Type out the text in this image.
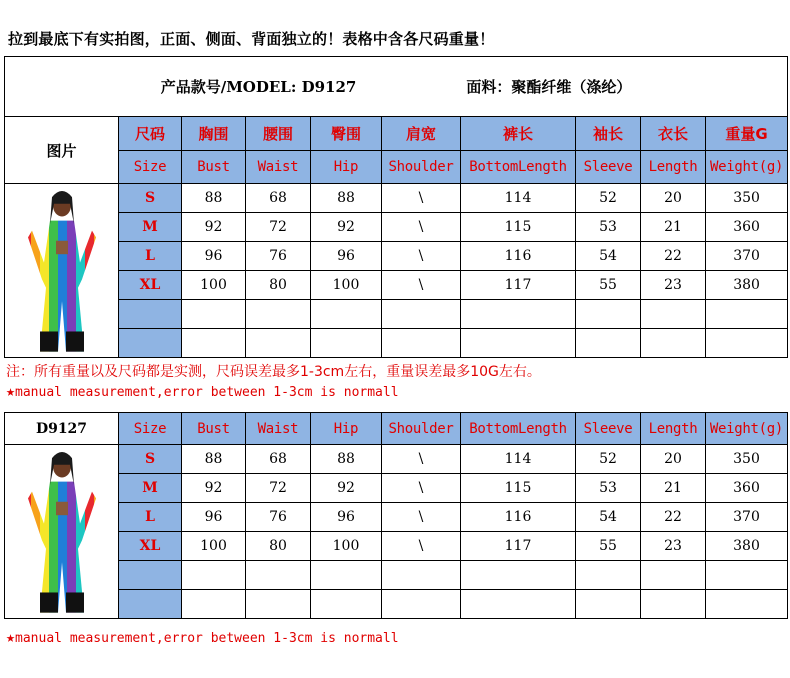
拉到最底下有实拍图，正面、侧面、背面独立的！表格中含各尺码重量！
产品款号/MODEL: D9127 面料：聚酯纤维（涤纶）									

图片	尺码	胸围	腰围	臀围	肩宽	裤长	袖长	衣长	重量G
	Size	Bust	Waist	Hip	Shoulder	BottomLength	Sleeve	Length	Weight(g)

	S	88	68	88	\	114	52	20	350
	M	92	72	92	\	115	53	21	360
	L	96	76	96	\	116	54	22	370
	XL	100	80	100	\	117	55	23	380

注：所有重量以及尺码都是实测，尺码误差最多1-3cm左右，重量误差最多10G左右。
★manual measurement,error between 1-3cm is normall
D9127	Size	Bust	Waist	Hip	Shoulder	BottomLength	Sleeve	Length	Weight(g)

	S	88	68	88	\	114	52	20	350
	M	92	72	92	\	115	53	21	360
	L	96	76	96	\	116	54	22	370
	XL	100	80	100	\	117	55	23	380

★manual measurement,error between 1-3cm is normall
